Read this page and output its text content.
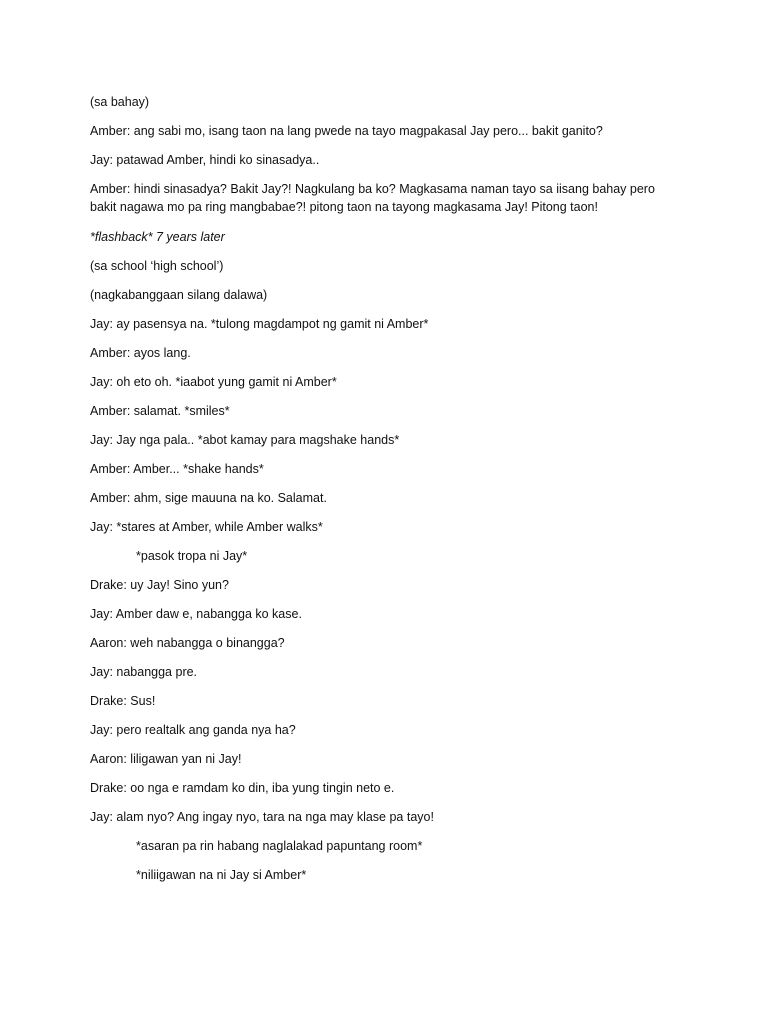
(sa bahay)
Amber: ang sabi mo, isang taon na lang pwede na tayo magpakasal Jay pero... bakit ganito?
Jay: patawad Amber, hindi ko sinasadya..
Amber: hindi sinasadya? Bakit Jay?! Nagkulang ba ko? Magkasama naman tayo sa iisang bahay pero bakit nagawa mo pa ring mangbabae?! pitong taon na tayong magkasama Jay! Pitong taon!
*flashback* 7 years later
(sa school ‘high school’)
(nagkabanggaan silang dalawa)
Jay: ay pasensya na. *tulong magdampot ng gamit ni Amber*
Amber: ayos lang.
Jay: oh eto oh. *iaabot yung gamit ni Amber*
Amber: salamat. *smiles*
Jay: Jay nga pala.. *abot kamay para magshake hands*
Amber: Amber... *shake hands*
Amber: ahm, sige mauuna na ko. Salamat.
Jay: *stares at Amber, while Amber walks*
*pasok tropa ni Jay*
Drake: uy Jay! Sino yun?
Jay: Amber daw e, nabangga ko kase.
Aaron: weh nabangga o binangga?
Jay: nabangga pre.
Drake: Sus!
Jay: pero realtalk ang ganda nya ha?
Aaron: liligawan yan ni Jay!
Drake: oo nga e ramdam ko din, iba yung tingin neto e.
Jay: alam nyo? Ang ingay nyo, tara na nga may klase pa tayo!
*asaran pa rin habang naglalakad papuntang room*
*niliigawan na ni Jay si Amber*
